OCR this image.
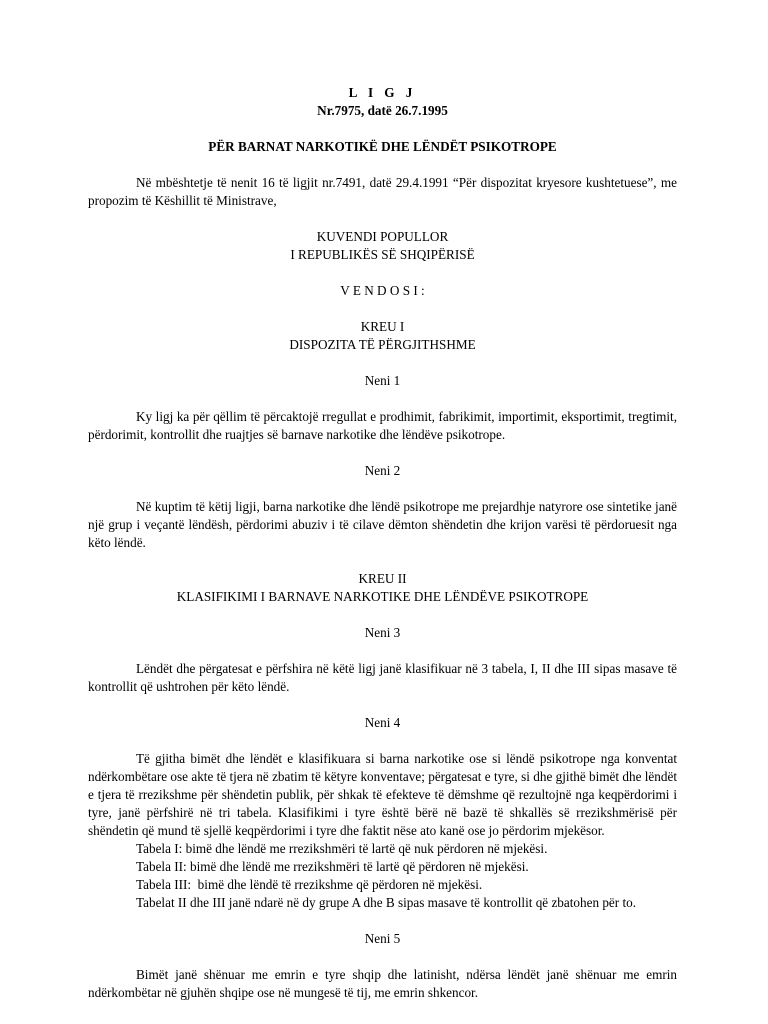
L I G J
Nr.7975, datë 26.7.1995
PËR BARNAT NARKOTIKË DHE LËNDËT PSIKOTROPE

Në mbështetje të nenit 16 të ligjit nr.7491, datë 29.4.1991 “Për dispozitat kryesore kushtetuese”, me propozim të Këshillit të Ministrave,

KUVENDI POPULLOR
I REPUBLIKËS SË SHQIPËRISË
V E N D O S I :
KREU I
DISPOZITA TË PËRGJITHSHME
Neni 1

Ky ligj ka për qëllim të përcaktojë rregullat e prodhimit, fabrikimit, importimit, eksportimit, tregtimit, përdorimit, kontrollit dhe ruajtjes së barnave narkotike dhe lëndëve psikotrope.

Neni 2

Në kuptim të këtij ligji, barna narkotike dhe lëndë psikotrope me prejardhje natyrore ose sintetike janë një grup i veçantë lëndësh, përdorimi abuziv i të cilave dëmton shëndetin dhe krijon varësi të përdoruesit nga këto lëndë.

KREU II
KLASIFIKIMI I BARNAVE NARKOTIKE DHE LËNDËVE PSIKOTROPE
Neni 3

Lëndët dhe përgatesat e përfshira në këtë ligj janë klasifikuar në 3 tabela, I, II dhe III sipas masave të kontrollit që ushtrohen për këto lëndë.

Neni 4

Të gjitha bimët dhe lëndët e klasifikuara si barna narkotike ose si lëndë psikotrope nga konventat ndërkombëtare ose akte të tjera në zbatim të këtyre konventave; përgatesat e tyre, si dhe gjithë bimët dhe lëndët e tjera të rrezikshme për shëndetin publik, për shkak të efekteve të dëmshme që rezultojnë nga keqpërdorimi i tyre, janë përfshirë në tri tabela. Klasifikimi i tyre është bërë në bazë të shkallës së rrezikshmërisë për shëndetin që mund të sjellë keqpërdorimi i tyre dhe faktit nëse ato kanë ose jo përdorim mjekësor.

Tabela I: bimë dhe lëndë me rrezikshmëri të lartë që nuk përdoren në mjekësi.

Tabela II: bimë dhe lëndë me rrezikshmëri të lartë që përdoren në mjekësi.

Tabela III:  bimë dhe lëndë të rrezikshme që përdoren në mjekësi.

Tabelat II dhe III janë ndarë në dy grupe A dhe B sipas masave të kontrollit që zbatohen për to.

Neni 5

Bimët janë shënuar me emrin e tyre shqip dhe latinisht, ndërsa lëndët janë shënuar me emrin ndërkombëtar në gjuhën shqipe ose në mungesë të tij, me emrin shkencor.
